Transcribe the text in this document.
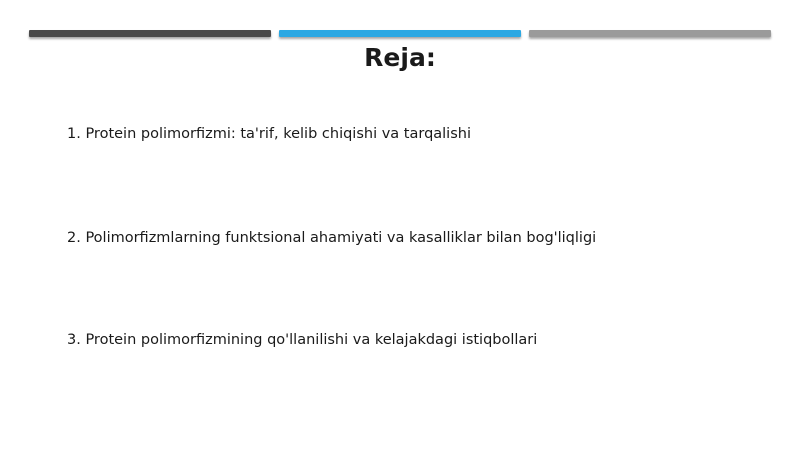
Reja:
1. Protein polimorfizmi: ta'rif, kelib chiqishi va tarqalishi
2. Polimorfizmlarning funktsional ahamiyati va kasalliklar bilan bog'liqligi
3. Protein polimorfizmining qo'llanilishi va kelajakdagi istiqbollari
